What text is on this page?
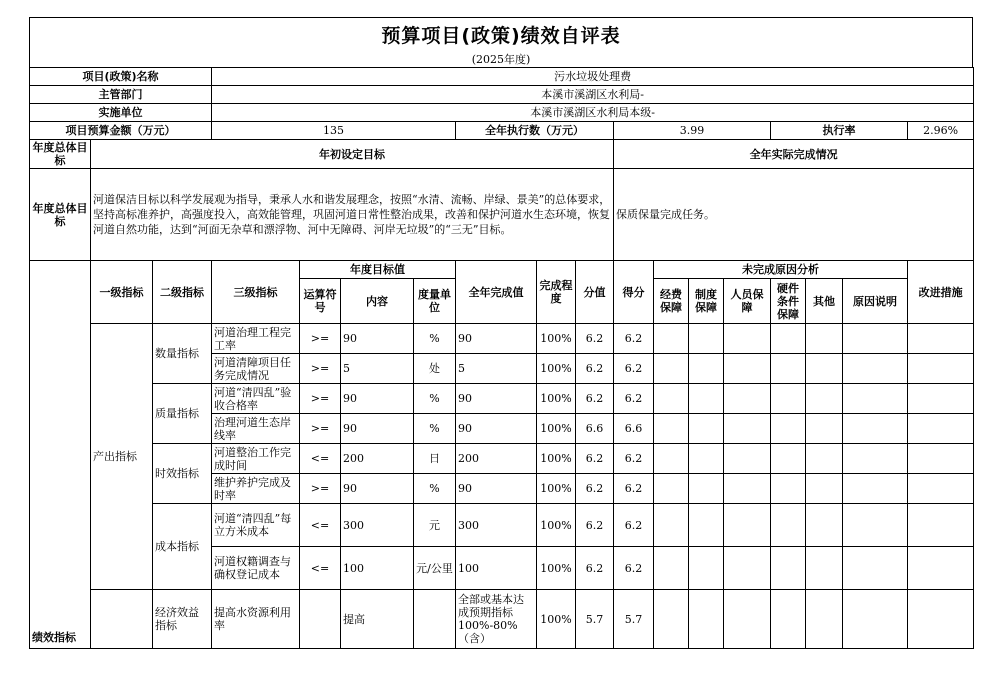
预算项目(政策)绩效自评表
(2025年度)
项目(政策)名称			污水垃圾处理费														
主管部门			本溪市溪湖区水利局-														
实施单位			本溪市溪湖区水利局本级-														
项目预算金额（万元）			135				全年执行数（万元）			3.99				执行率			2.96%
年度总体目标	年初设定目标									全年实际完成情况							
年度总体目标	河道保洁目标以科学发展观为指导，秉承人水和谐发展理念，按照“水清、流畅、岸绿、景美”的总体要求，坚持高标准养护，高强度投入，高效能管理，巩固河道日常性整治成果，改善和保护河道水生态环境，恢复河道自然功能，达到“河面无杂草和漂浮物、河中无障碍、河岸无垃圾”的“三无”目标。									保质保量完成任务。							
绩效指标	一级指标	二级指标	三级指标	年度目标值			全年完成值	完成程度	分值	得分	未完成原因分析						改进措施
				运算符号	内容	度量单位					经费保障	制度保障	人员保障	硬件条件保障	其他	原因说明	
	产出指标	数量指标	河道治理工程完工率	>=	90	%	90	100%	6.2	6.2							
			河道清障项目任务完成情况	>=	5	处	5	100%	6.2	6.2							
		质量指标	河道“清四乱”验收合格率	>=	90	%	90	100%	6.2	6.2							
			治理河道生态岸线率	>=	90	%	90	100%	6.6	6.6							
		时效指标	河道整治工作完成时间	<=	200	日	200	100%	6.2	6.2							
			维护养护完成及时率	>=	90	%	90	100%	6.2	6.2							
		成本指标	河道“清四乱”每立方米成本	<=	300	元	300	100%	6.2	6.2							
			河道权籍调查与确权登记成本	<=	100	元/公里	100	100%	6.2	6.2							
		经济效益指标	提高水资源利用率		提高		全部或基本达成预期指标100%-80%（含）	100%	5.7	5.7							
